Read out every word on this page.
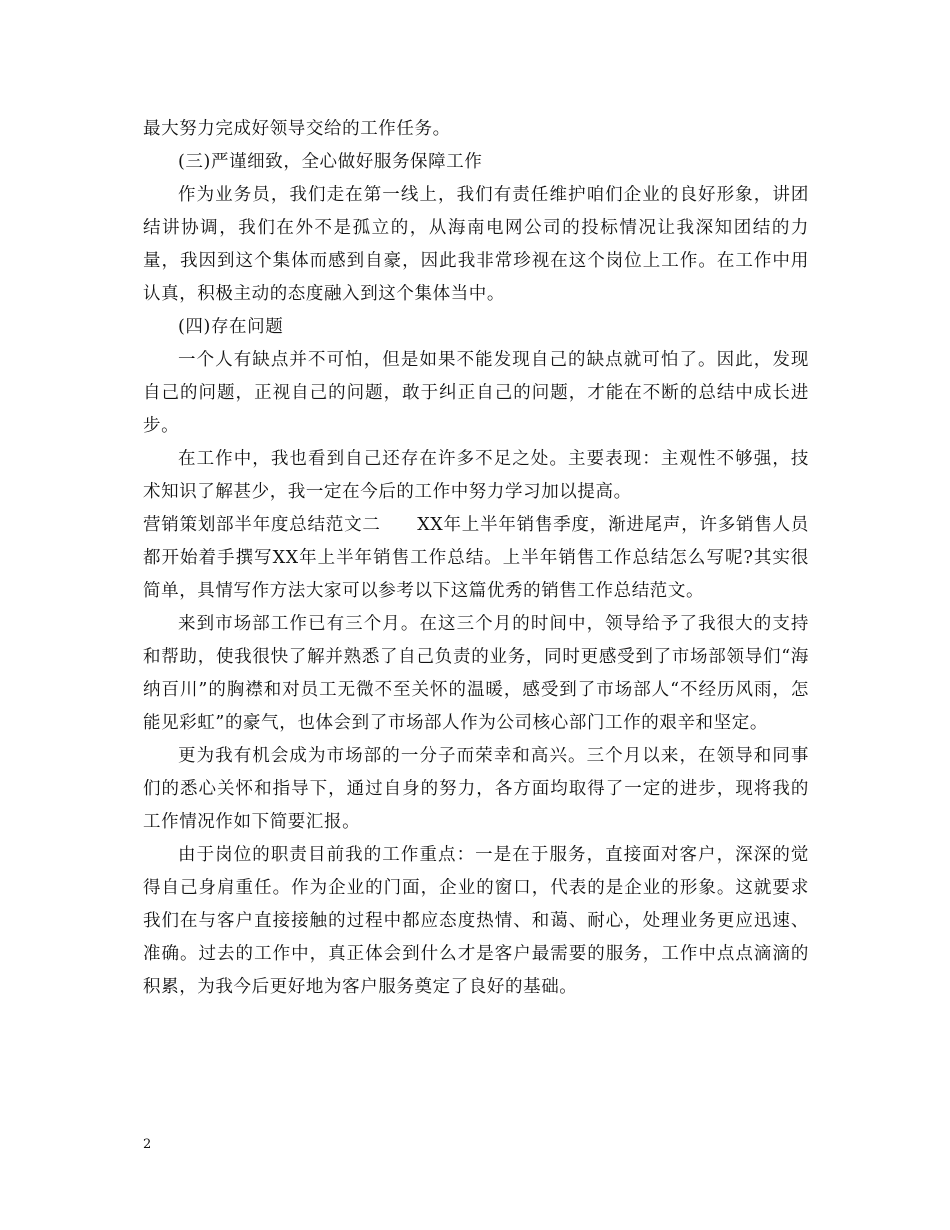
最大努力完成好领导交给的工作任务。

(三)严谨细致，全心做好服务保障工作

作为业务员，我们走在第一线上，我们有责任维护咱们企业的良好形象，讲团结讲协调，我们在外不是孤立的，从海南电网公司的投标情况让我深知团结的力量，我因到这个集体而感到自豪，因此我非常珍视在这个岗位上工作。在工作中用认真，积极主动的态度融入到这个集体当中。

(四)存在问题

一个人有缺点并不可怕，但是如果不能发现自己的缺点就可怕了。因此，发现自己的问题，正视自己的问题，敢于纠正自己的问题，才能在不断的总结中成长进步。

在工作中，我也看到自己还存在许多不足之处。主要表现：主观性不够强，技术知识了解甚少，我一定在今后的工作中努力学习加以提高。

营销策划部半年度总结范文二　　XX年上半年销售季度，渐进尾声，许多销售人员都开始着手撰写XX年上半年销售工作总结。上半年销售工作总结怎么写呢?其实很简单，具情写作方法大家可以参考以下这篇优秀的销售工作总结范文。

来到市场部工作已有三个月。在这三个月的时间中，领导给予了我很大的支持和帮助，使我很快了解并熟悉了自己负责的业务，同时更感受到了市场部领导们“海纳百川”的胸襟和对员工无微不至关怀的温暖，感受到了市场部人“不经历风雨，怎能见彩虹”的豪气，也体会到了市场部人作为公司核心部门工作的艰辛和坚定。

更为我有机会成为市场部的一分子而荣幸和高兴。三个月以来，在领导和同事们的悉心关怀和指导下，通过自身的努力，各方面均取得了一定的进步，现将我的工作情况作如下简要汇报。

由于岗位的职责目前我的工作重点：一是在于服务，直接面对客户，深深的觉得自己身肩重任。作为企业的门面，企业的窗口，代表的是企业的形象。这就要求我们在与客户直接接触的过程中都应态度热情、和蔼、耐心，处理业务更应迅速、准确。过去的工作中，真正体会到什么才是客户最需要的服务，工作中点点滴滴的积累，为我今后更好地为客户服务奠定了良好的基础。

2
